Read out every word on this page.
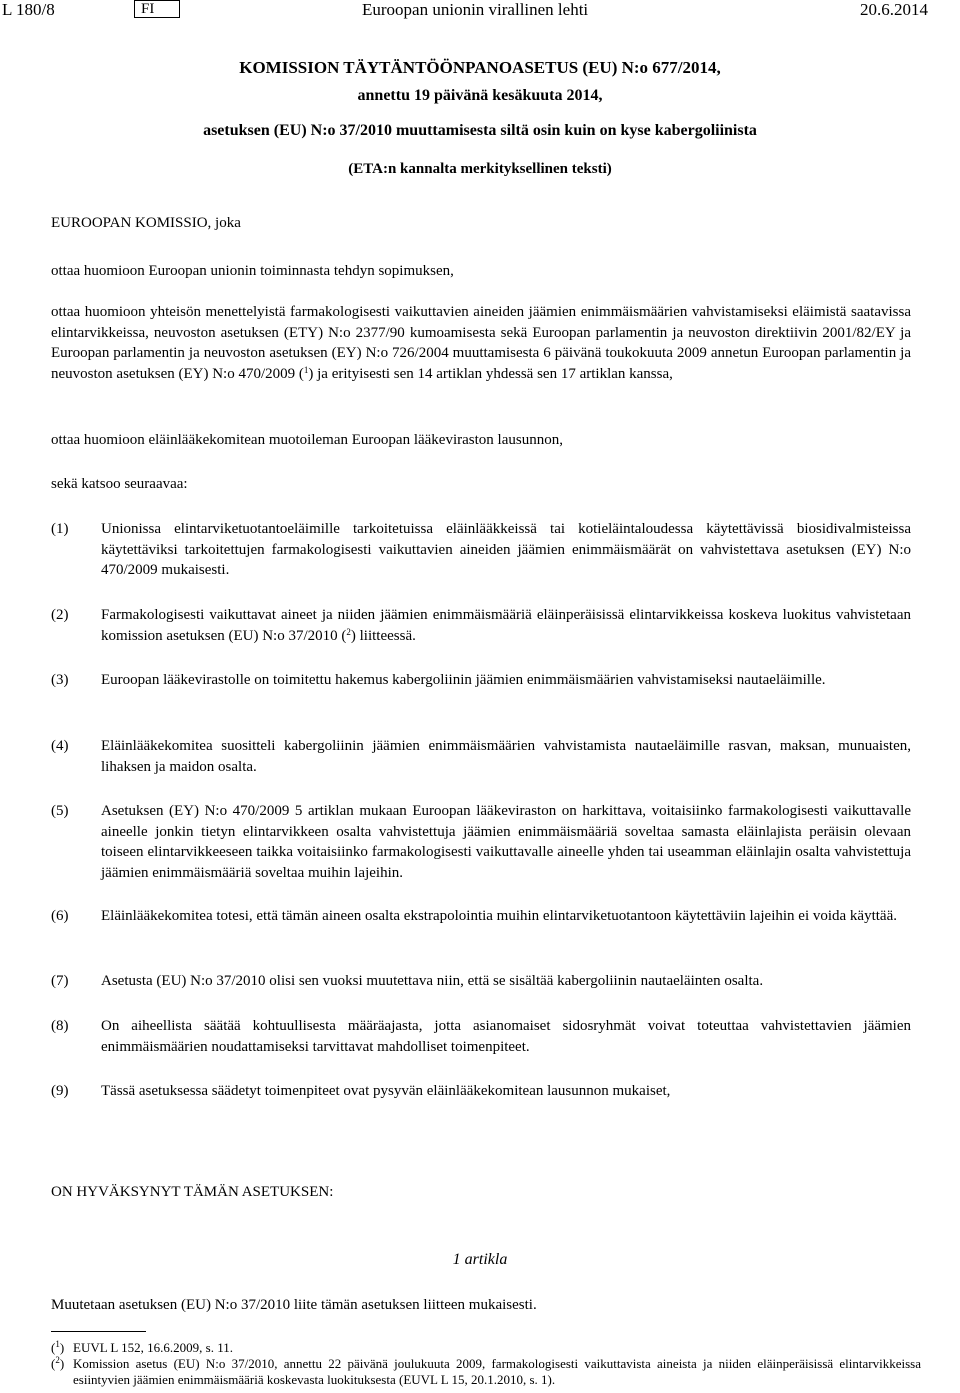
L 180/8	FI	Euroopan unionin virallinen lehti	20.6.2014
KOMISSION TÄYTÄNTÖÖNPANOASETUS (EU) N:o 677/2014,
annettu 19 päivänä kesäkuuta 2014,
asetuksen (EU) N:o 37/2010 muuttamisesta siltä osin kuin on kyse kabergoliinista
(ETA:n kannalta merkityksellinen teksti)
EUROOPAN KOMISSIO, joka
ottaa huomioon Euroopan unionin toiminnasta tehdyn sopimuksen,
ottaa huomioon yhteisön menettelyistä farmakologisesti vaikuttavien aineiden jäämien enimmäismäärien vahvistamiseksi eläimistä saatavissa elintarvikkeissa, neuvoston asetuksen (ETY) N:o 2377/90 kumoamisesta sekä Euroopan parlamentin ja neuvoston direktiivin 2001/82/EY ja Euroopan parlamentin ja neuvoston asetuksen (EY) N:o 726/2004 muuttamisesta 6 päivänä toukokuuta 2009 annetun Euroopan parlamentin ja neuvoston asetuksen (EY) N:o 470/2009 ($^1$) ja erityisesti sen 14 artiklan yhdessä sen 17 artiklan kanssa,
ottaa huomioon eläinlääkekomitean muotoileman Euroopan lääkeviraston lausunnon,
sekä katsoo seuraavaa:
(1)	Unionissa elintarviketuotantoeläimille tarkoitetuissa eläinlääkkeissä tai kotieläintaloudessa käytettävissä biosidivalmisteissa käytettäviksi tarkoitettujen farmakologisesti vaikuttavien aineiden jäämien enimmäismäärät on vahvistettava asetuksen (EY) N:o 470/2009 mukaisesti.
(2)	Farmakologisesti vaikuttavat aineet ja niiden jäämien enimmäismääriä eläinperäisissä elintarvikkeissa koskeva luokitus vahvistetaan komission asetuksen (EU) N:o 37/2010 ($^2$) liitteessä.
(3)	Euroopan lääkevirastolle on toimitettu hakemus kabergoliinin jäämien enimmäismäärien vahvistamiseksi nautaeläimille.
(4)	Eläinlääkekomitea suositteli kabergoliinin jäämien enimmäismäärien vahvistamista nautaeläimille rasvan, maksan, munuaisten, lihaksen ja maidon osalta.
(5)	Asetuksen (EY) N:o 470/2009 5 artiklan mukaan Euroopan lääkeviraston on harkittava, voitaisiinko farmakologisesti vaikuttavalle aineelle jonkin tietyn elintarvikkeen osalta vahvistettuja jäämien enimmäismääriä soveltaa samasta eläinlajista peräisin olevaan toiseen elintarvikkeeseen taikka voitaisiinko farmakologisesti vaikuttavalle aineelle yhden tai useamman eläinlajin osalta vahvistettuja jäämien enimmäismääriä soveltaa muihin lajeihin.
(6)	Eläinlääkekomitea totesi, että tämän aineen osalta ekstrapolointia muihin elintarviketuotantoon käytettäviin lajeihin ei voida käyttää.
(7)	Asetusta (EU) N:o 37/2010 olisi sen vuoksi muutettava niin, että se sisältää kabergoliinin nautaeläinten osalta.
(8)	On aiheellista säätää kohtuullisesta määräajasta, jotta asianomaiset sidosryhmät voivat toteuttaa vahvistettavien jäämien enimmäismäärien noudattamiseksi tarvittavat mahdolliset toimenpiteet.
(9)	Tässä asetuksessa säädetyt toimenpiteet ovat pysyvän eläinlääkekomitean lausunnon mukaiset,
ON HYVÄKSYNYT TÄMÄN ASETUKSEN:
1 artikla
Muutetaan asetuksen (EU) N:o 37/2010 liite tämän asetuksen liitteen mukaisesti.
($^1$) EUVL L 152, 16.6.2009, s. 11.
($^2$) Komission asetus (EU) N:o 37/2010, annettu 22 päivänä joulukuuta 2009, farmakologisesti vaikuttavista aineista ja niiden eläinperäisissä elintarvikkeissa esiintyvien jäämien enimmäismääriä koskevasta luokituksesta (EUVL L 15, 20.1.2010, s. 1).
